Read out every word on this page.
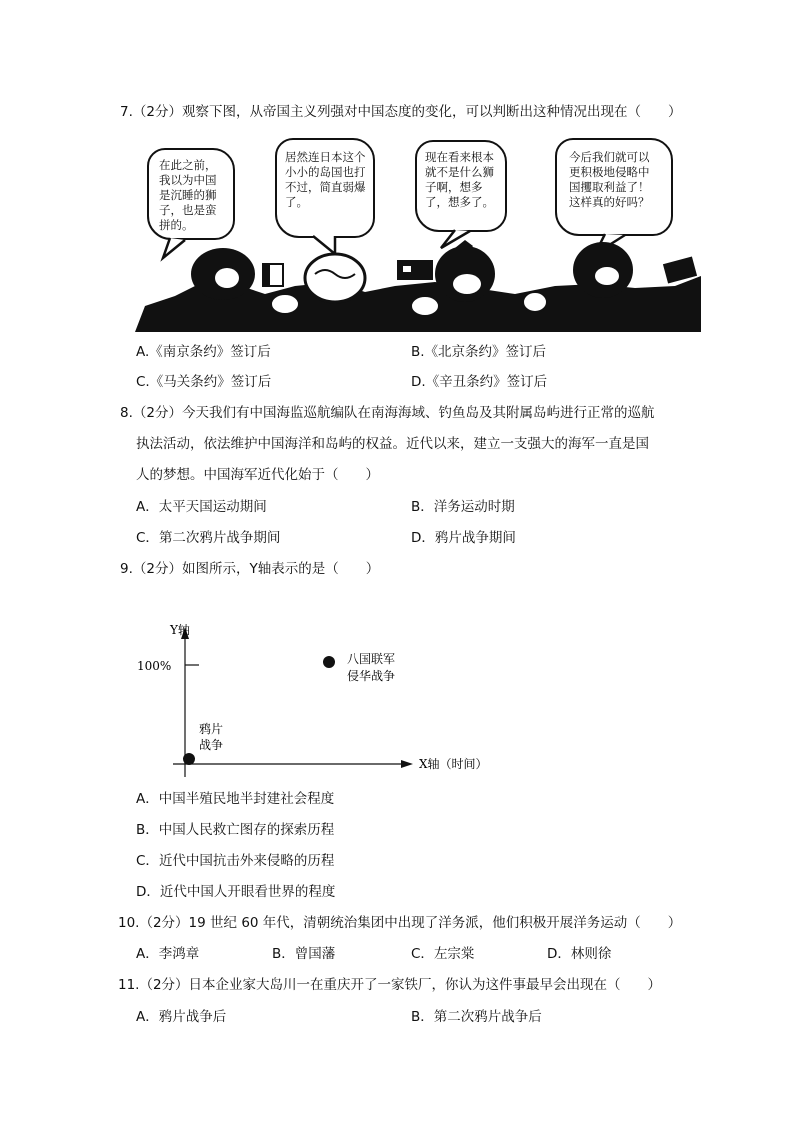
7.（2分）观察下图，从帝国主义列强对中国态度的变化，可以判断出这种情况出现在（　　）
在此之前，
我以为中国
是沉睡的狮
子，也是蛮
拼的。
居然连日本这个
小小的岛国也打
不过，简直弱爆
了。
现在看来根本
就不是什么狮
子啊，想多
了，想多了。
今后我们就可以
更积极地侵略中
国攫取利益了！
这样真的好吗？
A.《南京条约》签订后	B.《北京条约》签订后
C.《马关条约》签订后	D.《辛丑条约》签订后
8.（2分）今天我们有中国海监巡航编队在南海海域、钓鱼岛及其附属岛屿进行正常的巡航
执法活动，依法维护中国海洋和岛屿的权益。近代以来，建立一支强大的海军一直是国
人的梦想。中国海军近代化始于（　　）
A．太平天国运动期间	B．洋务运动时期
C．第二次鸦片战争期间	D．鸦片战争期间
9.（2分）如图所示，Y轴表示的是（　　）
Y轴
100%
X轴（时间）
鸦片
战争
八国联军
侵华战争
A．中国半殖民地半封建社会程度
B．中国人民救亡图存的探索历程
C．近代中国抗击外来侵略的历程
D．近代中国人开眼看世界的程度
10.（2分）19 世纪 60 年代，清朝统治集团中出现了洋务派，他们积极开展洋务运动（　　）
A．李鸿章	B．曾国藩	C．左宗棠	D．林则徐
11.（2分）日本企业家大岛川一在重庆开了一家铁厂，你认为这件事最早会出现在（　　）
A．鸦片战争后	B．第二次鸦片战争后
